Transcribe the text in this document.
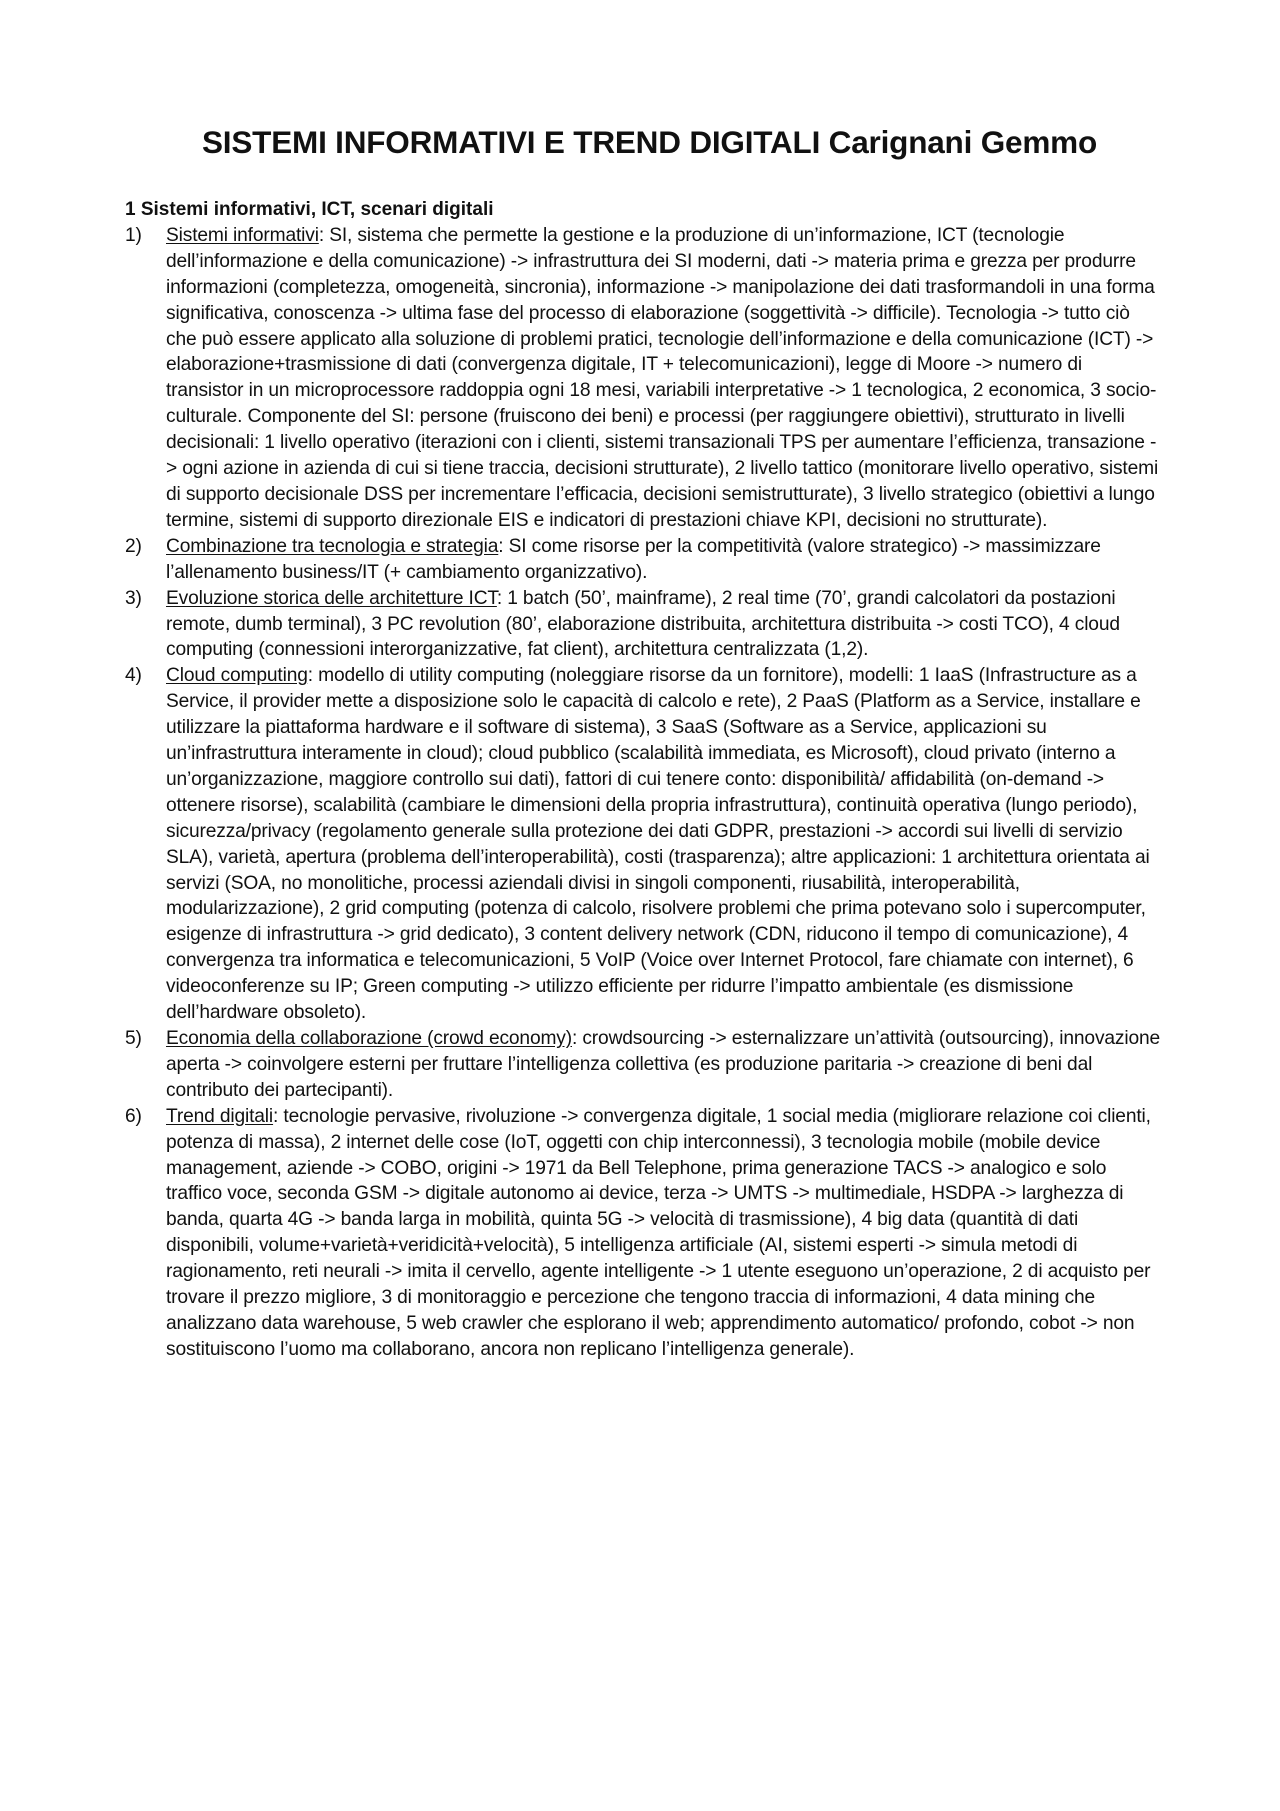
SISTEMI INFORMATIVI E TREND DIGITALI Carignani Gemmo
1 Sistemi informativi, ICT, scenari digitali
1) Sistemi informativi: SI, sistema che permette la gestione e la produzione di un’informazione, ICT (tecnologie dell’informazione e della comunicazione) -> infrastruttura dei SI moderni, dati -> materia prima e grezza per produrre informazioni (completezza, omogeneità, sincronia), informazione -> manipolazione dei dati trasformandoli in una forma significativa, conoscenza -> ultima fase del processo di elaborazione (soggettività -> difficile). Tecnologia -> tutto ciò che può essere applicato alla soluzione di problemi pratici, tecnologie dell’informazione e della comunicazione (ICT) -> elaborazione+trasmissione di dati (convergenza digitale, IT + telecomunicazioni), legge di Moore -> numero di transistor in un microprocessore raddoppia ogni 18 mesi, variabili interpretative -> 1 tecnologica, 2 economica, 3 socio-culturale. Componente del SI: persone (fruiscono dei beni) e processi (per raggiungere obiettivi), strutturato in livelli decisionali: 1 livello operativo (iterazioni con i clienti, sistemi transazionali TPS per aumentare l’efficienza, transazione -> ogni azione in azienda di cui si tiene traccia, decisioni strutturate), 2 livello tattico (monitorare livello operativo, sistemi di supporto decisionale DSS per incrementare l’efficacia, decisioni semistrutturate), 3 livello strategico (obiettivi a lungo termine, sistemi di supporto direzionale EIS e indicatori di prestazioni chiave KPI, decisioni no strutturate).
2) Combinazione tra tecnologia e strategia: SI come risorse per la competitività (valore strategico) -> massimizzare l’allenamento business/IT (+ cambiamento organizzativo).
3) Evoluzione storica delle architetture ICT: 1 batch (50’, mainframe), 2 real time (70’, grandi calcolatori da postazioni remote, dumb terminal), 3 PC revolution (80’, elaborazione distribuita, architettura distribuita -> costi TCO), 4 cloud computing (connessioni interorganizzative, fat client), architettura centralizzata (1,2).
4) Cloud computing: modello di utility computing (noleggiare risorse da un fornitore), modelli: 1 IaaS (Infrastructure as a Service, il provider mette a disposizione solo le capacità di calcolo e rete), 2 PaaS (Platform as a Service, installare e utilizzare la piattaforma hardware e il software di sistema), 3 SaaS (Software as a Service, applicazioni su un’infrastruttura interamente in cloud); cloud pubblico (scalabilità immediata, es Microsoft), cloud privato (interno a un’organizzazione, maggiore controllo sui dati), fattori di cui tenere conto: disponibilità/ affidabilità (on-demand -> ottenere risorse), scalabilità (cambiare le dimensioni della propria infrastruttura), continuità operativa (lungo periodo), sicurezza/privacy (regolamento generale sulla protezione dei dati GDPR, prestazioni -> accordi sui livelli di servizio SLA), varietà, apertura (problema dell’interoperabilità), costi (trasparenza); altre applicazioni: 1 architettura orientata ai servizi (SOA, no monolitiche, processi aziendali divisi in singoli componenti, riusabilità, interoperabilità, modularizzazione), 2 grid computing (potenza di calcolo, risolvere problemi che prima potevano solo i supercomputer, esigenze di infrastruttura -> grid dedicato), 3 content delivery network (CDN, riducono il tempo di comunicazione), 4 convergenza tra informatica e telecomunicazioni, 5 VoIP (Voice over Internet Protocol, fare chiamate con internet), 6 videoconferenze su IP; Green computing -> utilizzo efficiente per ridurre l’impatto ambientale (es dismissione dell’hardware obsoleto).
5) Economia della collaborazione (crowd economy): crowdsourcing -> esternalizzare un’attività (outsourcing), innovazione aperta -> coinvolgere esterni per fruttare l’intelligenza collettiva (es produzione paritaria -> creazione di beni dal contributo dei partecipanti).
6) Trend digitali: tecnologie pervasive, rivoluzione -> convergenza digitale, 1 social media (migliorare relazione coi clienti, potenza di massa), 2 internet delle cose (IoT, oggetti con chip interconnessi), 3 tecnologia mobile (mobile device management, aziende -> COBO, origini -> 1971 da Bell Telephone, prima generazione TACS -> analogico e solo traffico voce, seconda GSM -> digitale autonomo ai device, terza -> UMTS -> multimediale, HSDPA -> larghezza di banda, quarta 4G -> banda larga in mobilità, quinta 5G -> velocità di trasmissione), 4 big data (quantità di dati disponibili, volume+varietà+veridicità+velocità), 5 intelligenza artificiale (AI, sistemi esperti -> simula metodi di ragionamento, reti neurali -> imita il cervello, agente intelligente -> 1 utente eseguono un’operazione, 2 di acquisto per trovare il prezzo migliore, 3 di monitoraggio e percezione che tengono traccia di informazioni, 4 data mining che analizzano data warehouse, 5 web crawler che esplorano il web; apprendimento automatico/ profondo, cobot -> non sostituiscono l’uomo ma collaborano, ancora non replicano l’intelligenza generale).
